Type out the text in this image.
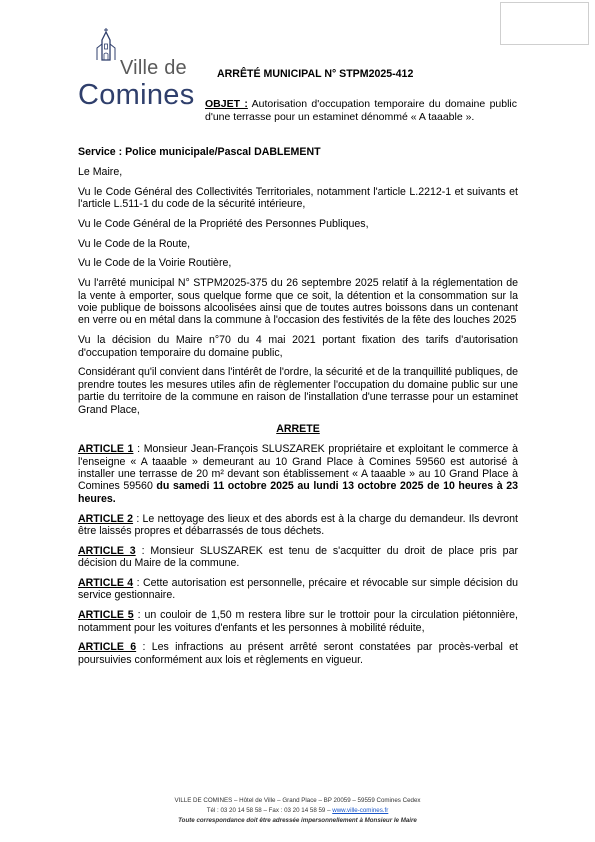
Ville de
Comines
ARRÊTÉ MUNICIPAL N° STPM2025-412
OBJET : Autorisation d'occupation temporaire du domaine public d'une terrasse pour un estaminet dénommé « A taaable ».

Service : Police municipale/Pascal DABLEMENT

Le Maire,

Vu le Code Général des Collectivités Territoriales, notamment l'article L.2212-1 et suivants et l'article L.511-1 du code de la sécurité intérieure,

Vu le Code Général de la Propriété des Personnes Publiques,

Vu le Code de la Route,

Vu le Code de la Voirie Routière,

Vu l'arrêté municipal N° STPM2025-375 du 26 septembre 2025 relatif à la réglementation de la vente à emporter, sous quelque forme que ce soit, la détention et la consommation sur la voie publique de boissons alcoolisées ainsi que de toutes autres boissons dans un contenant en verre ou en métal dans la commune à l'occasion des festivités de la fête des louches 2025

Vu la décision du Maire n°70 du 4 mai 2021 portant fixation des tarifs d'autorisation d'occupation temporaire du domaine public,

Considérant qu'il convient dans l'intérêt de l'ordre, la sécurité et de la tranquillité publiques, de prendre toutes les mesures utiles afin de règlementer l'occupation du domaine public sur une partie du territoire de la commune en raison de l'installation d'une terrasse pour un estaminet Grand Place,

ARRETE

ARTICLE 1 : Monsieur Jean-François SLUSZAREK propriétaire et exploitant le commerce à l'enseigne « A taaable » demeurant au 10 Grand Place à Comines 59560 est autorisé à installer une terrasse de 20 m² devant son établissement « A taaable » au 10 Grand Place à Comines 59560 du samedi 11 octobre 2025 au lundi 13 octobre 2025 de 10 heures à 23 heures.

ARTICLE 2 : Le nettoyage des lieux et des abords est à la charge du demandeur. Ils devront être laissés propres et débarrassés de tous déchets.

ARTICLE 3 : Monsieur SLUSZAREK est tenu de s'acquitter du droit de place pris par décision du Maire de la commune.

ARTICLE 4 : Cette autorisation est personnelle, précaire et révocable sur simple décision du service gestionnaire.

ARTICLE 5 : un couloir de 1,50 m restera libre sur le trottoir pour la circulation piétonnière, notamment pour les voitures d'enfants et les personnes à mobilité réduite,

ARTICLE 6 : Les infractions au présent arrêté seront constatées par procès-verbal et poursuivies conformément aux lois et règlements en vigueur.

VILLE DE COMINES – Hôtel de Ville – Grand Place – BP 20059 – 59559 Comines Cedex
Tél : 03 20 14 58 58 – Fax : 03 20 14 58 59 – www.ville-comines.fr
Toute correspondance doit être adressée impersonnellement à Monsieur le Maire
